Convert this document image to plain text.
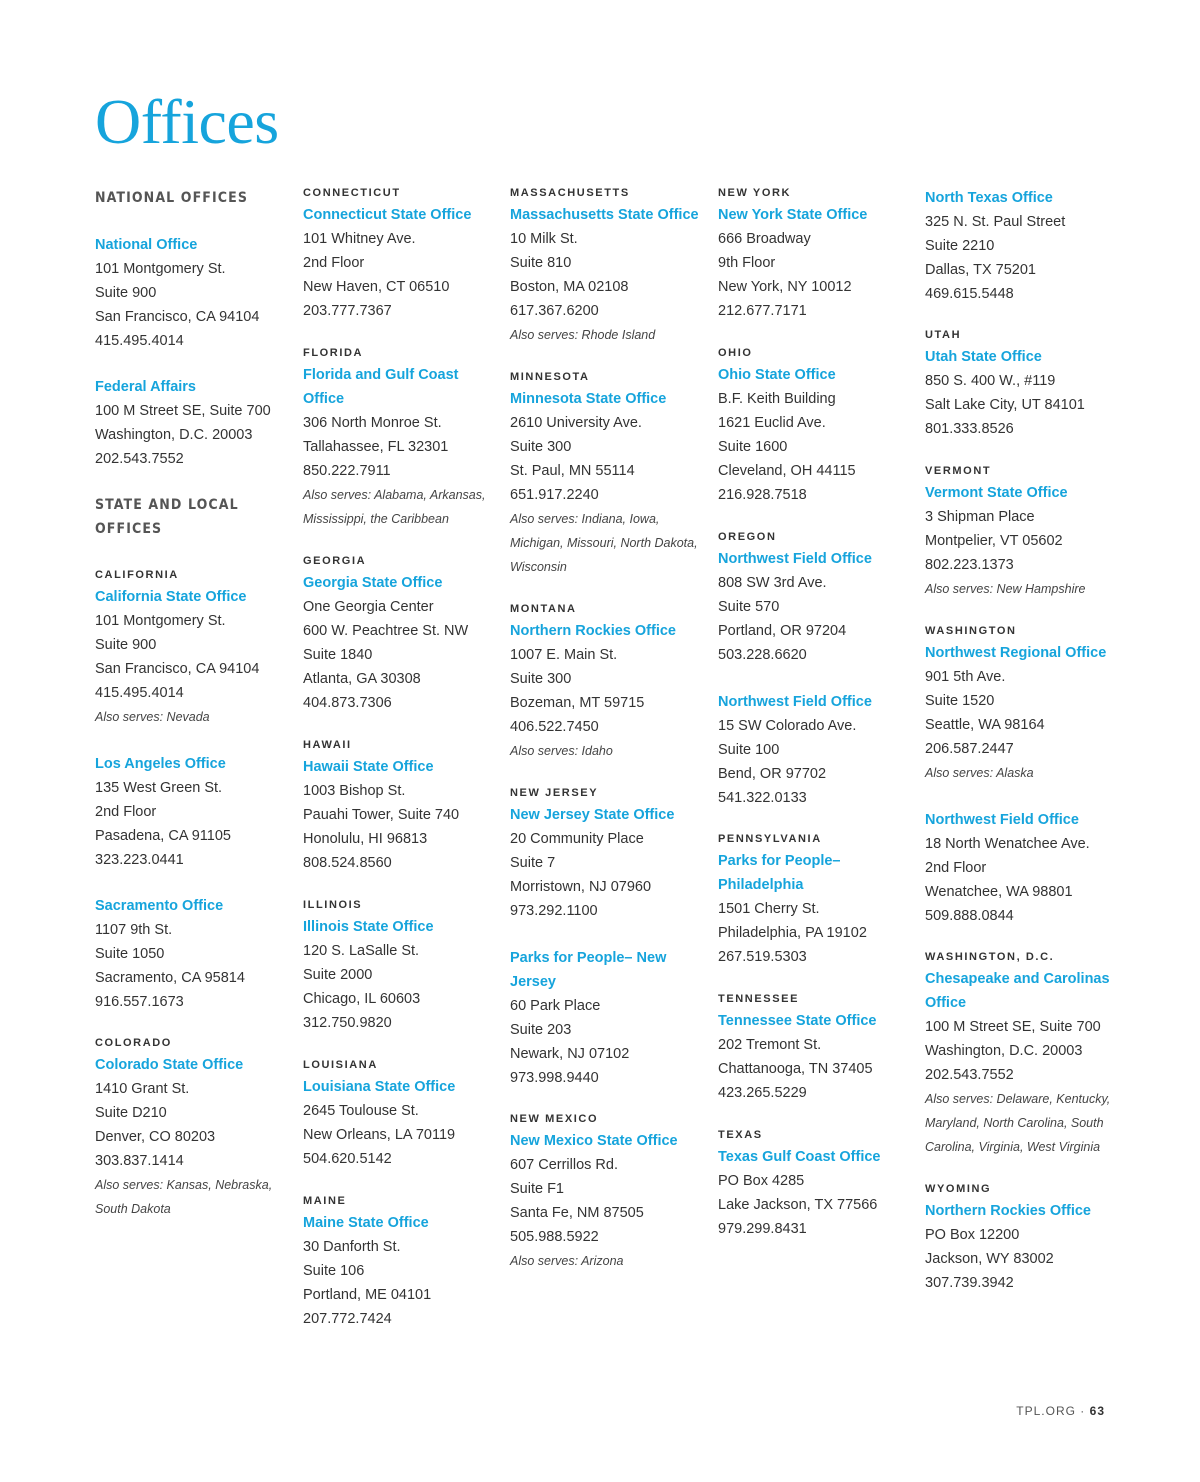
Offices
NATIONAL OFFICES
National Office
101 Montgomery St.
Suite 900
San Francisco, CA 94104
415.495.4014
Federal Affairs
100 M Street SE, Suite 700
Washington, D.C. 20003
202.543.7552
STATE AND LOCAL OFFICES
CALIFORNIA
California State Office
101 Montgomery St.
Suite 900
San Francisco, CA 94104
415.495.4014
Also serves: Nevada
Los Angeles Office
135 West Green St.
2nd Floor
Pasadena, CA 91105
323.223.0441
Sacramento Office
1107 9th St.
Suite 1050
Sacramento, CA 95814
916.557.1673
COLORADO
Colorado State Office
1410 Grant St.
Suite D210
Denver, CO 80203
303.837.1414
Also serves: Kansas, Nebraska, South Dakota
CONNECTICUT
Connecticut State Office
101 Whitney Ave.
2nd Floor
New Haven, CT 06510
203.777.7367
FLORIDA
Florida and Gulf Coast Office
306 North Monroe St.
Tallahassee, FL 32301
850.222.7911
Also serves: Alabama, Arkansas, Mississippi, the Caribbean
GEORGIA
Georgia State Office
One Georgia Center
600 W. Peachtree St. NW
Suite 1840
Atlanta, GA 30308
404.873.7306
HAWAII
Hawaii State Office
1003 Bishop St.
Pauahi Tower, Suite 740
Honolulu, HI 96813
808.524.8560
ILLINOIS
Illinois State Office
120 S. LaSalle St.
Suite 2000
Chicago, IL 60603
312.750.9820
LOUISIANA
Louisiana State Office
2645 Toulouse St.
New Orleans, LA 70119
504.620.5142
MAINE
Maine State Office
30 Danforth St.
Suite 106
Portland, ME 04101
207.772.7424
MASSACHUSETTS
Massachusetts State Office
10 Milk St.
Suite 810
Boston, MA 02108
617.367.6200
Also serves: Rhode Island
MINNESOTA
Minnesota State Office
2610 University Ave.
Suite 300
St. Paul, MN 55114
651.917.2240
Also serves: Indiana, Iowa, Michigan, Missouri, North Dakota, Wisconsin
MONTANA
Northern Rockies Office
1007 E. Main St.
Suite 300
Bozeman, MT 59715
406.522.7450
Also serves: Idaho
NEW JERSEY
New Jersey State Office
20 Community Place
Suite 7
Morristown, NJ 07960
973.292.1100
Parks for People– New Jersey
60 Park Place
Suite 203
Newark, NJ 07102
973.998.9440
NEW MEXICO
New Mexico State Office
607 Cerrillos Rd.
Suite F1
Santa Fe, NM 87505
505.988.5922
Also serves: Arizona
NEW YORK
New York State Office
666 Broadway
9th Floor
New York, NY 10012
212.677.7171
OHIO
Ohio State Office
B.F. Keith Building
1621 Euclid Ave.
Suite 1600
Cleveland, OH 44115
216.928.7518
OREGON
Northwest Field Office
808 SW 3rd Ave.
Suite 570
Portland, OR 97204
503.228.6620
Northwest Field Office
15 SW Colorado Ave.
Suite 100
Bend, OR 97702
541.322.0133
PENNSYLVANIA
Parks for People– Philadelphia
1501 Cherry St.
Philadelphia, PA 19102
267.519.5303
TENNESSEE
Tennessee State Office
202 Tremont St.
Chattanooga, TN 37405
423.265.5229
TEXAS
Texas Gulf Coast Office
PO Box 4285
Lake Jackson, TX 77566
979.299.8431
North Texas Office
325 N. St. Paul Street
Suite 2210
Dallas, TX 75201
469.615.5448
UTAH
Utah State Office
850 S. 400 W., #119
Salt Lake City, UT 84101
801.333.8526
VERMONT
Vermont State Office
3 Shipman Place
Montpelier, VT 05602
802.223.1373
Also serves: New Hampshire
WASHINGTON
Northwest Regional Office
901 5th Ave.
Suite 1520
Seattle, WA 98164
206.587.2447
Also serves: Alaska
Northwest Field Office
18 North Wenatchee Ave.
2nd Floor
Wenatchee, WA 98801
509.888.0844
WASHINGTON, D.C.
Chesapeake and Carolinas Office
100 M Street SE, Suite 700
Washington, D.C. 20003
202.543.7552
Also serves: Delaware, Kentucky, Maryland, North Carolina, South Carolina, Virginia, West Virginia
WYOMING
Northern Rockies Office
PO Box 12200
Jackson, WY 83002
307.739.3942
TPL.ORG · 63
